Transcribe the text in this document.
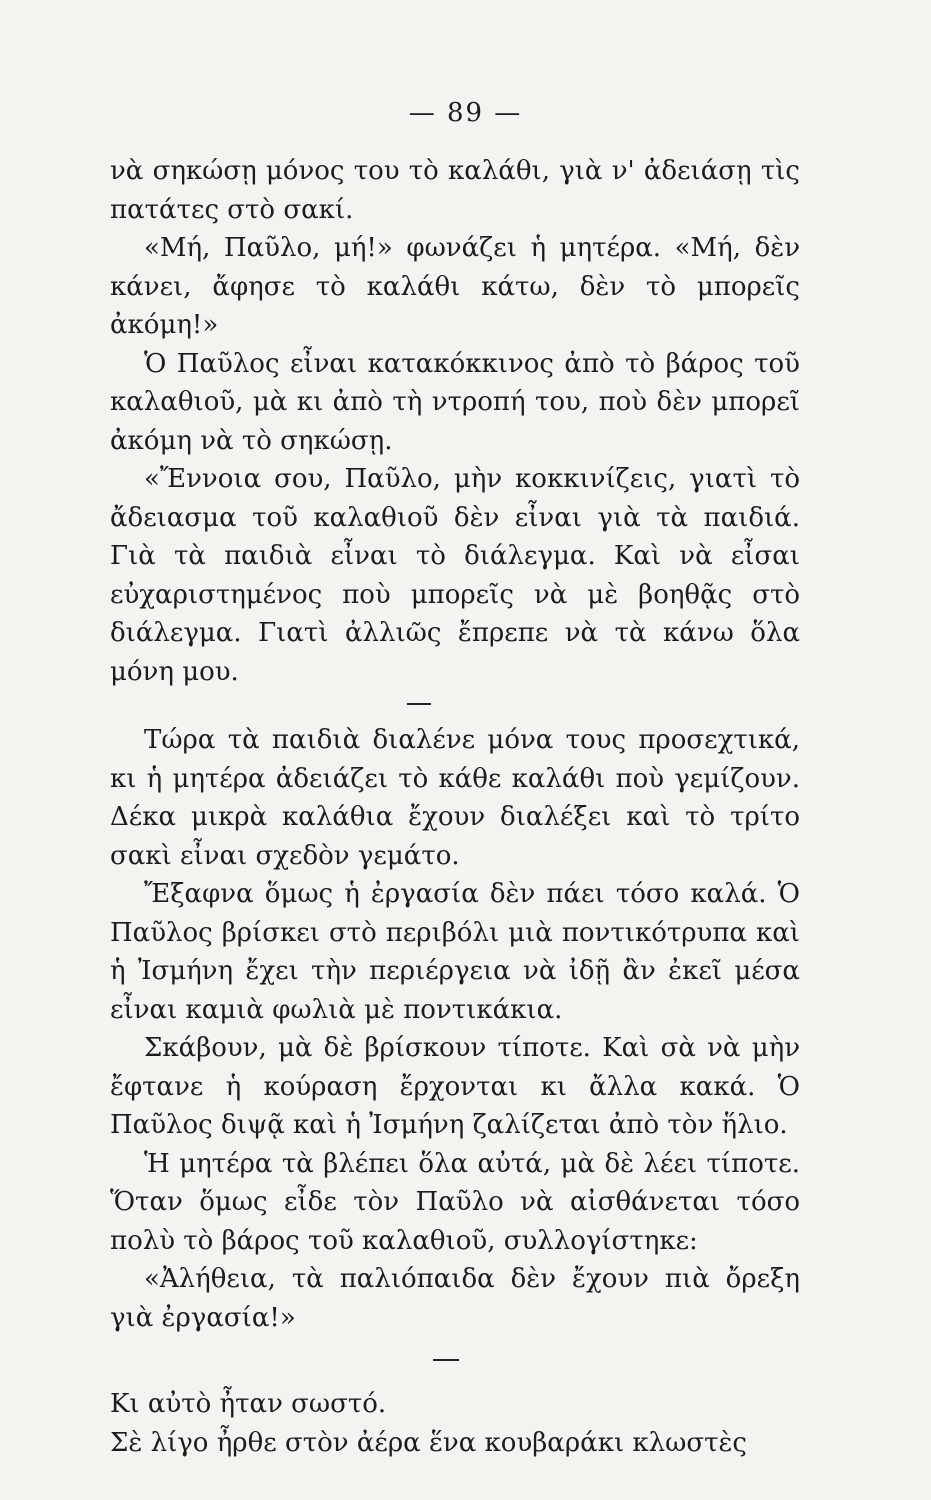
— 89 —

νὰ σηκώσῃ μόνος του τὸ καλάθι, γιὰ ν' ἀδειάσῃ τὶς πατάτες στὸ σακί.

«Μή, Παῦλο, μή!» φωνάζει ἡ μητέρα. «Μή, δὲν κάνει, ἄφησε τὸ καλάθι κάτω, δὲν τὸ μπορεῖς ἀκόμη!»

Ὁ Παῦλος εἶναι κατακόκκινος ἀπὸ τὸ βάρος τοῦ καλαθιοῦ, μὰ κι ἀπὸ τὴ ντροπή του, ποὺ δὲν μπορεῖ ἀκόμη νὰ τὸ σηκώσῃ.

«Ἔννοια σου, Παῦλο, μὴν κοκκινίζεις, γιατὶ τὸ ἄδειασμα τοῦ καλαθιοῦ δὲν εἶναι γιὰ τὰ παιδιά. Γιὰ τὰ παιδιὰ εἶναι τὸ διάλεγμα. Καὶ νὰ εἶσαι εὐχαριστημένος ποὺ μπορεῖς νὰ μὲ βοηθᾷς στὸ διάλεγμα. Γιατὶ ἀλλιῶς ἔπρεπε νὰ τὰ κάνω ὅλα μόνη μου.

Τώρα τὰ παιδιὰ διαλένε μόνα τους προσεχτικά, κι ἡ μητέρα ἀδειάζει τὸ κάθε καλάθι ποὺ γεμίζουν. Δέκα μικρὰ καλάθια ἔχουν διαλέξει καὶ τὸ τρίτο σακὶ εἶναι σχεδὸν γεμάτο.

Ἔξαφνα ὅμως ἡ ἐργασία δὲν πάει τόσο καλά. Ὁ Παῦλος βρίσκει στὸ περιβόλι μιὰ ποντικότρυπα καὶ ἡ Ἰσμήνη ἔχει τὴν περιέργεια νὰ ἰδῇ ἂν ἐκεῖ μέσα εἶναι καμιὰ φωλιὰ μὲ ποντικάκια.

Σκάβουν, μὰ δὲ βρίσκουν τίποτε. Καὶ σὰ νὰ μὴν ἔφτανε ἡ κούραση ἔρχονται κι ἄλλα κακά. Ὁ Παῦλος διψᾷ καὶ ἡ Ἰσμήνη ζαλίζεται ἀπὸ τὸν ἥλιο.

Ἡ μητέρα τὰ βλέπει ὅλα αὐτά, μὰ δὲ λέει τίποτε. Ὅταν ὅμως εἶδε τὸν Παῦλο νὰ αἰσθάνεται τόσο πολὺ τὸ βάρος τοῦ καλαθιοῦ, συλλογίστηκε:

«Ἀλήθεια, τὰ παλιόπαιδα δὲν ἔχουν πιὰ ὄρεξη γιὰ ἐργασία!»

Κι αὐτὸ ἦταν σωστό.

Σὲ λίγο ἦρθε στὸν ἀέρα ἕνα κουβαράκι κλωστὲς
